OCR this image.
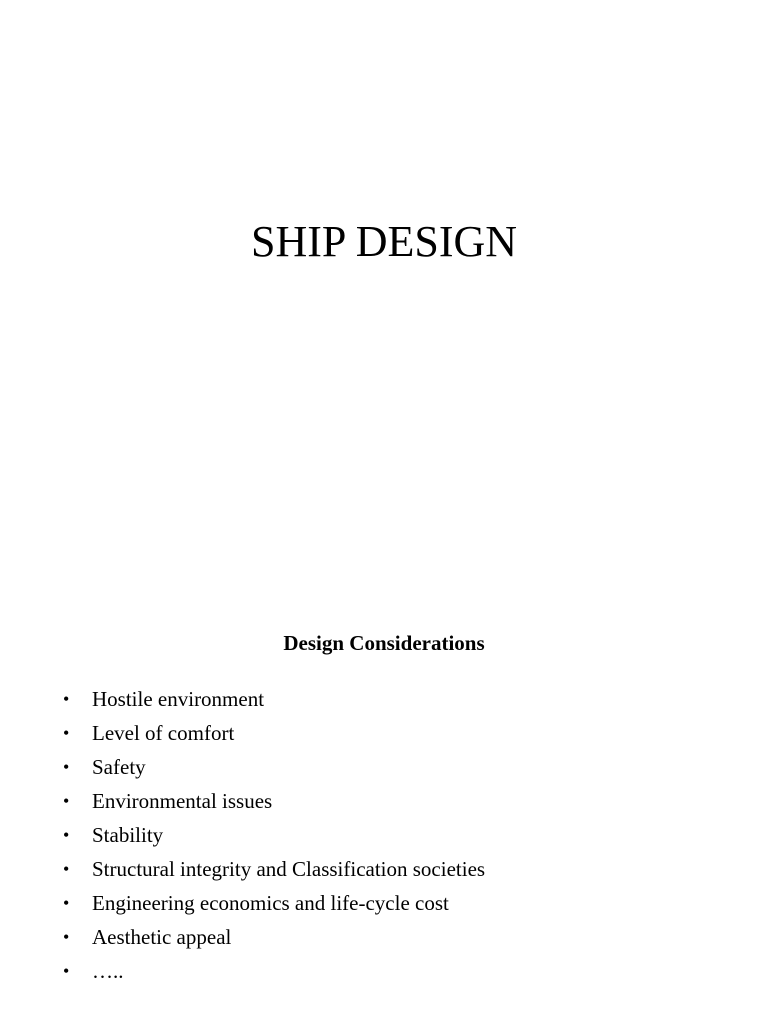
SHIP DESIGN
Design Considerations
•	Hostile environment
•	Level of comfort
•	Safety
•	Environmental issues
•	Stability
•	Structural integrity and Classification societies
•	Engineering economics and life-cycle cost
•	Aesthetic appeal
•	…..
